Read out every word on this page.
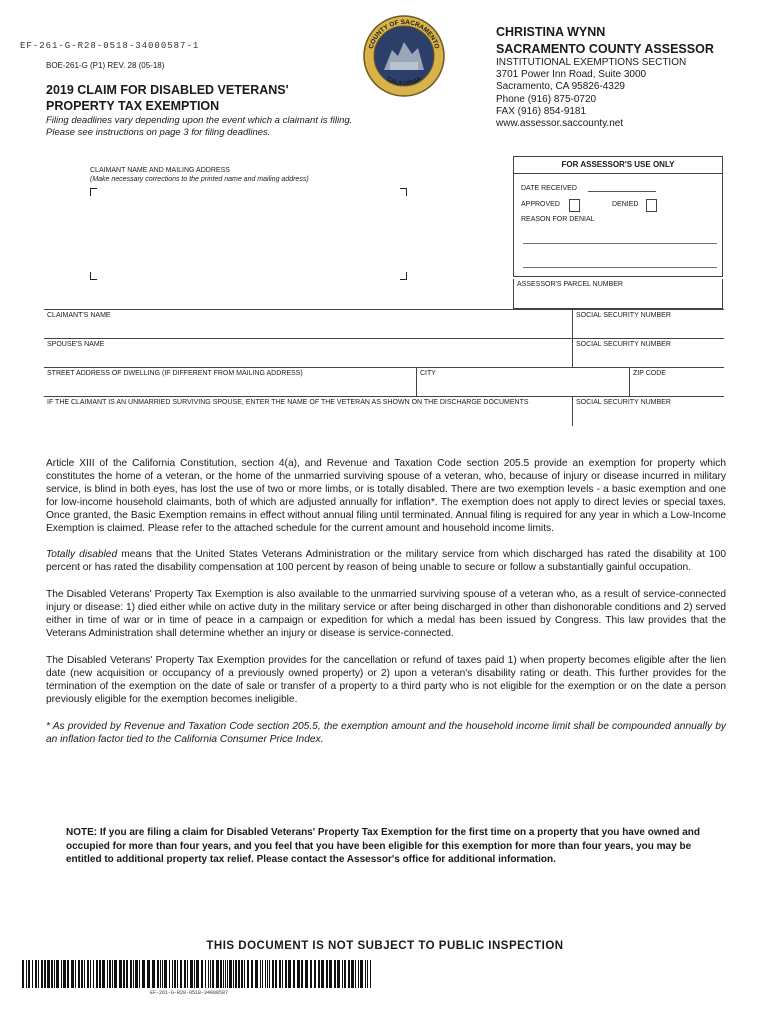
EF-261-G-R28-0518-34000587-1
BOE-261-G (P1) REV. 28 (05-18)
2019 CLAIM FOR DISABLED VETERANS'
PROPERTY TAX EXEMPTION
Filing deadlines vary depending upon the event which a claimant is filing.
Please see instructions on page 3 for filing deadlines.
COUNTY OF SACRAMENTO
CALIFORNIA
CHRISTINA WYNN
SACRAMENTO COUNTY ASSESSOR
INSTITUTIONAL EXEMPTIONS SECTION
3701 Power Inn Road, Suite 3000
Sacramento, CA 95826-4329
Phone (916) 875-0720
FAX (916) 854-9181
www.assessor.saccounty.net
CLAIMANT NAME AND MAILING ADDRESS
(Make necessary corrections to the printed name and mailing address)
FOR ASSESSOR'S USE ONLY
DATE RECEIVED
APPROVED	DENIED
REASON FOR DENIAL
ASSESSOR'S PARCEL NUMBER
CLAIMANT'S NAME	SOCIAL SECURITY NUMBER
SPOUSE'S NAME	SOCIAL SECURITY NUMBER
STREET ADDRESS OF DWELLING (IF DIFFERENT FROM MAILING ADDRESS)	CITY	ZIP CODE
IF THE CLAIMANT IS AN UNMARRIED SURVIVING SPOUSE, ENTER THE NAME OF THE VETERAN AS SHOWN ON THE DISCHARGE DOCUMENTS	SOCIAL SECURITY NUMBER
Article XIII of the California Constitution, section 4(a), and Revenue and Taxation Code section 205.5 provide an exemption for property which constitutes the home of a veteran, or the home of the unmarried surviving spouse of a veteran, who, because of injury or disease incurred in military service, is blind in both eyes, has lost the use of two or more limbs, or is totally disabled. There are two exemption levels - a basic exemption and one for low-income household claimants, both of which are adjusted annually for inflation*. The exemption does not apply to direct levies or special taxes. Once granted, the Basic Exemption remains in effect without annual filing until terminated. Annual filing is required for any year in which a Low-Income Exemption is claimed. Please refer to the attached schedule for the current amount and household income limits.
Totally disabled means that the United States Veterans Administration or the military service from which discharged has rated the disability at 100 percent or has rated the disability compensation at 100 percent by reason of being unable to secure or follow a substantially gainful occupation.
The Disabled Veterans' Property Tax Exemption is also available to the unmarried surviving spouse of a veteran who, as a result of service-connected injury or disease: 1) died either while on active duty in the military service or after being discharged in other than dishonorable conditions and 2) served either in time of war or in time of peace in a campaign or expedition for which a medal has been issued by Congress. This law provides that the Veterans Administration shall determine whether an injury or disease is service-connected.
The Disabled Veterans' Property Tax Exemption provides for the cancellation or refund of taxes paid 1) when property becomes eligible after the lien date (new acquisition or occupancy of a previously owned property) or 2) upon a veteran's disability rating or death. This further provides for the termination of the exemption on the date of sale or transfer of a property to a third party who is not eligible for the exemption or on the date a person previously eligible for the exemption becomes ineligible.
* As provided by Revenue and Taxation Code section 205.5, the exemption amount and the household income limit shall be compounded annually by an inflation factor tied to the California Consumer Price Index.
NOTE: If you are filing a claim for Disabled Veterans' Property Tax Exemption for the first time on a property that you have owned and occupied for more than four years, and you feel that you have been eligible for this exemption for more than four years, you may be entitled to additional property tax relief. Please contact the Assessor's office for additional information.
THIS DOCUMENT IS NOT SUBJECT TO PUBLIC INSPECTION
EF-261-G-R28-0518-34000587
